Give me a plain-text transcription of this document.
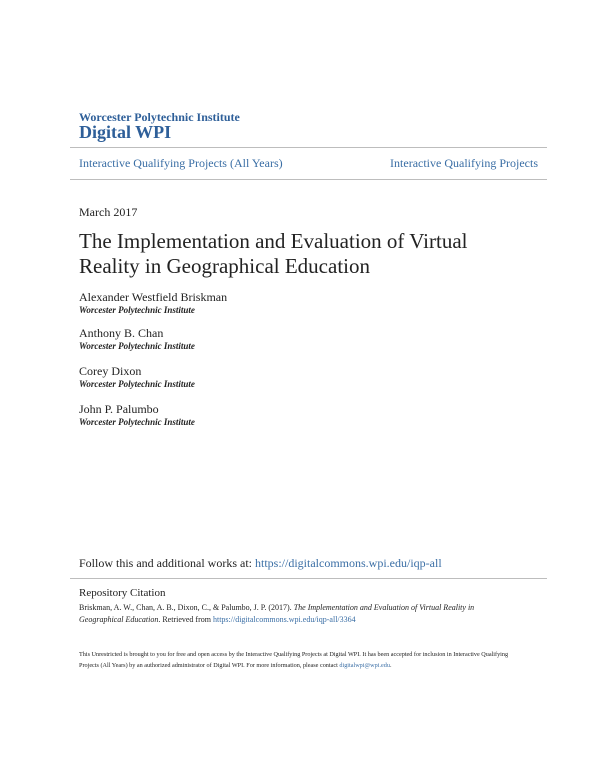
Worcester Polytechnic Institute
Digital WPI
Interactive Qualifying Projects (All Years)	Interactive Qualifying Projects
March 2017
The Implementation and Evaluation of Virtual Reality in Geographical Education
Alexander Westfield Briskman
Worcester Polytechnic Institute
Anthony B. Chan
Worcester Polytechnic Institute
Corey Dixon
Worcester Polytechnic Institute
John P. Palumbo
Worcester Polytechnic Institute
Follow this and additional works at: https://digitalcommons.wpi.edu/iqp-all
Repository Citation
Briskman, A. W., Chan, A. B., Dixon, C., & Palumbo, J. P. (2017). The Implementation and Evaluation of Virtual Reality in Geographical Education. Retrieved from https://digitalcommons.wpi.edu/iqp-all/3364
This Unrestricted is brought to you for free and open access by the Interactive Qualifying Projects at Digital WPI. It has been accepted for inclusion in Interactive Qualifying Projects (All Years) by an authorized administrator of Digital WPI. For more information, please contact digitalwpi@wpi.edu.
